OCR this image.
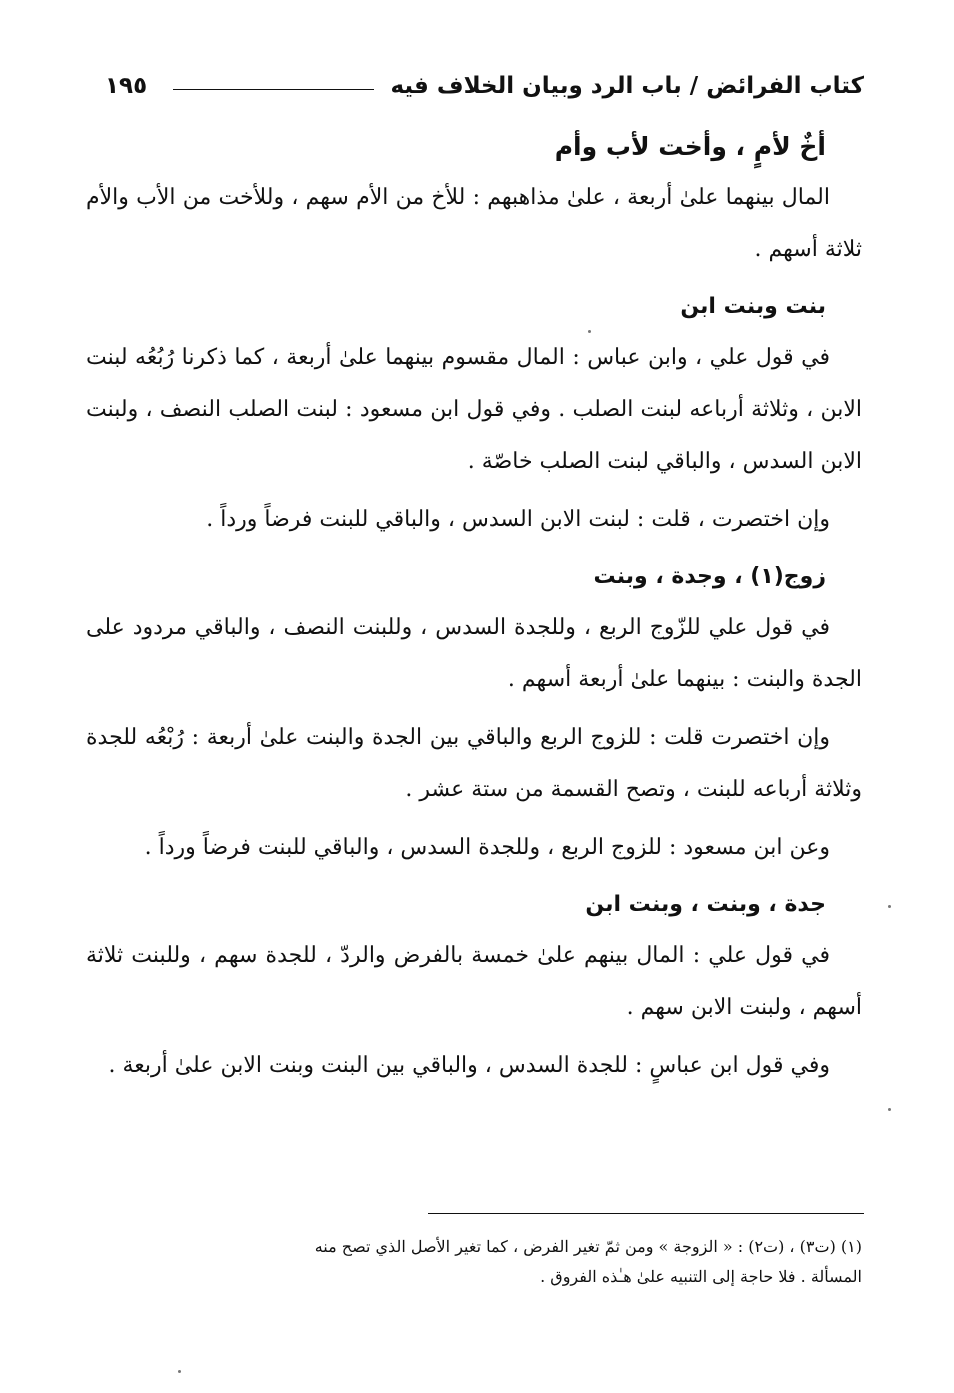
كتاب الفرائض / باب الرد وبيان الخلاف فيه
١٩٥
أخٌ لأمٍ ، وأخت لأب وأم
المال بينهما علىٰ أربعة ، علىٰ مذاهبهم : للأخ من الأم سهم ، وللأخت من الأب والأم ثلاثة أسهم .
بنت وبنت ابن
في قول علي ، وابن عباس : المال مقسوم بينهما علىٰ أربعة ، كما ذكرنا رُبُعُه لبنت الابن ، وثلاثة أرباعه لبنت الصلب . وفي قول ابن مسعود : لبنت الصلب النصف ، ولبنت الابن السدس ، والباقي لبنت الصلب خاصّة .
وإن اختصرت ، قلت : لبنت الابن السدس ، والباقي للبنت فرضاً ورداً .
زوج(١) ، وجدة ، وبنت
في قول علي للزّوج الربع ، وللجدة السدس ، وللبنت النصف ، والباقي مردود على الجدة والبنت : بينهما علىٰ أربعة أسهم .
وإن اختصرت قلت : للزوج الربع والباقي بين الجدة والبنت علىٰ أربعة : رُبْعُه للجدة وثلاثة أرباعه للبنت ، وتصح القسمة من ستة عشر .
وعن ابن مسعود : للزوج الربع ، وللجدة السدس ، والباقي للبنت فرضاً ورداً .
جدة ، وبنت ، وبنت ابن
في قول علي : المال بينهم علىٰ خمسة بالفرض والردّ ، للجدة سهم ، وللبنت ثلاثة أسهم ، ولبنت الابن سهم .
وفي قول ابن عباسٍ : للجدة السدس ، والباقي بين البنت وبنت الابن علىٰ أربعة .
(١) (ت٣) ، (ت٢) : « الزوجة » ومن ثمّ تغير الفرض ، كما تغير الأصل الذي تصح منه
المسألة . فلا حاجة إلى التنبيه علىٰ هـٰذه الفروق .
